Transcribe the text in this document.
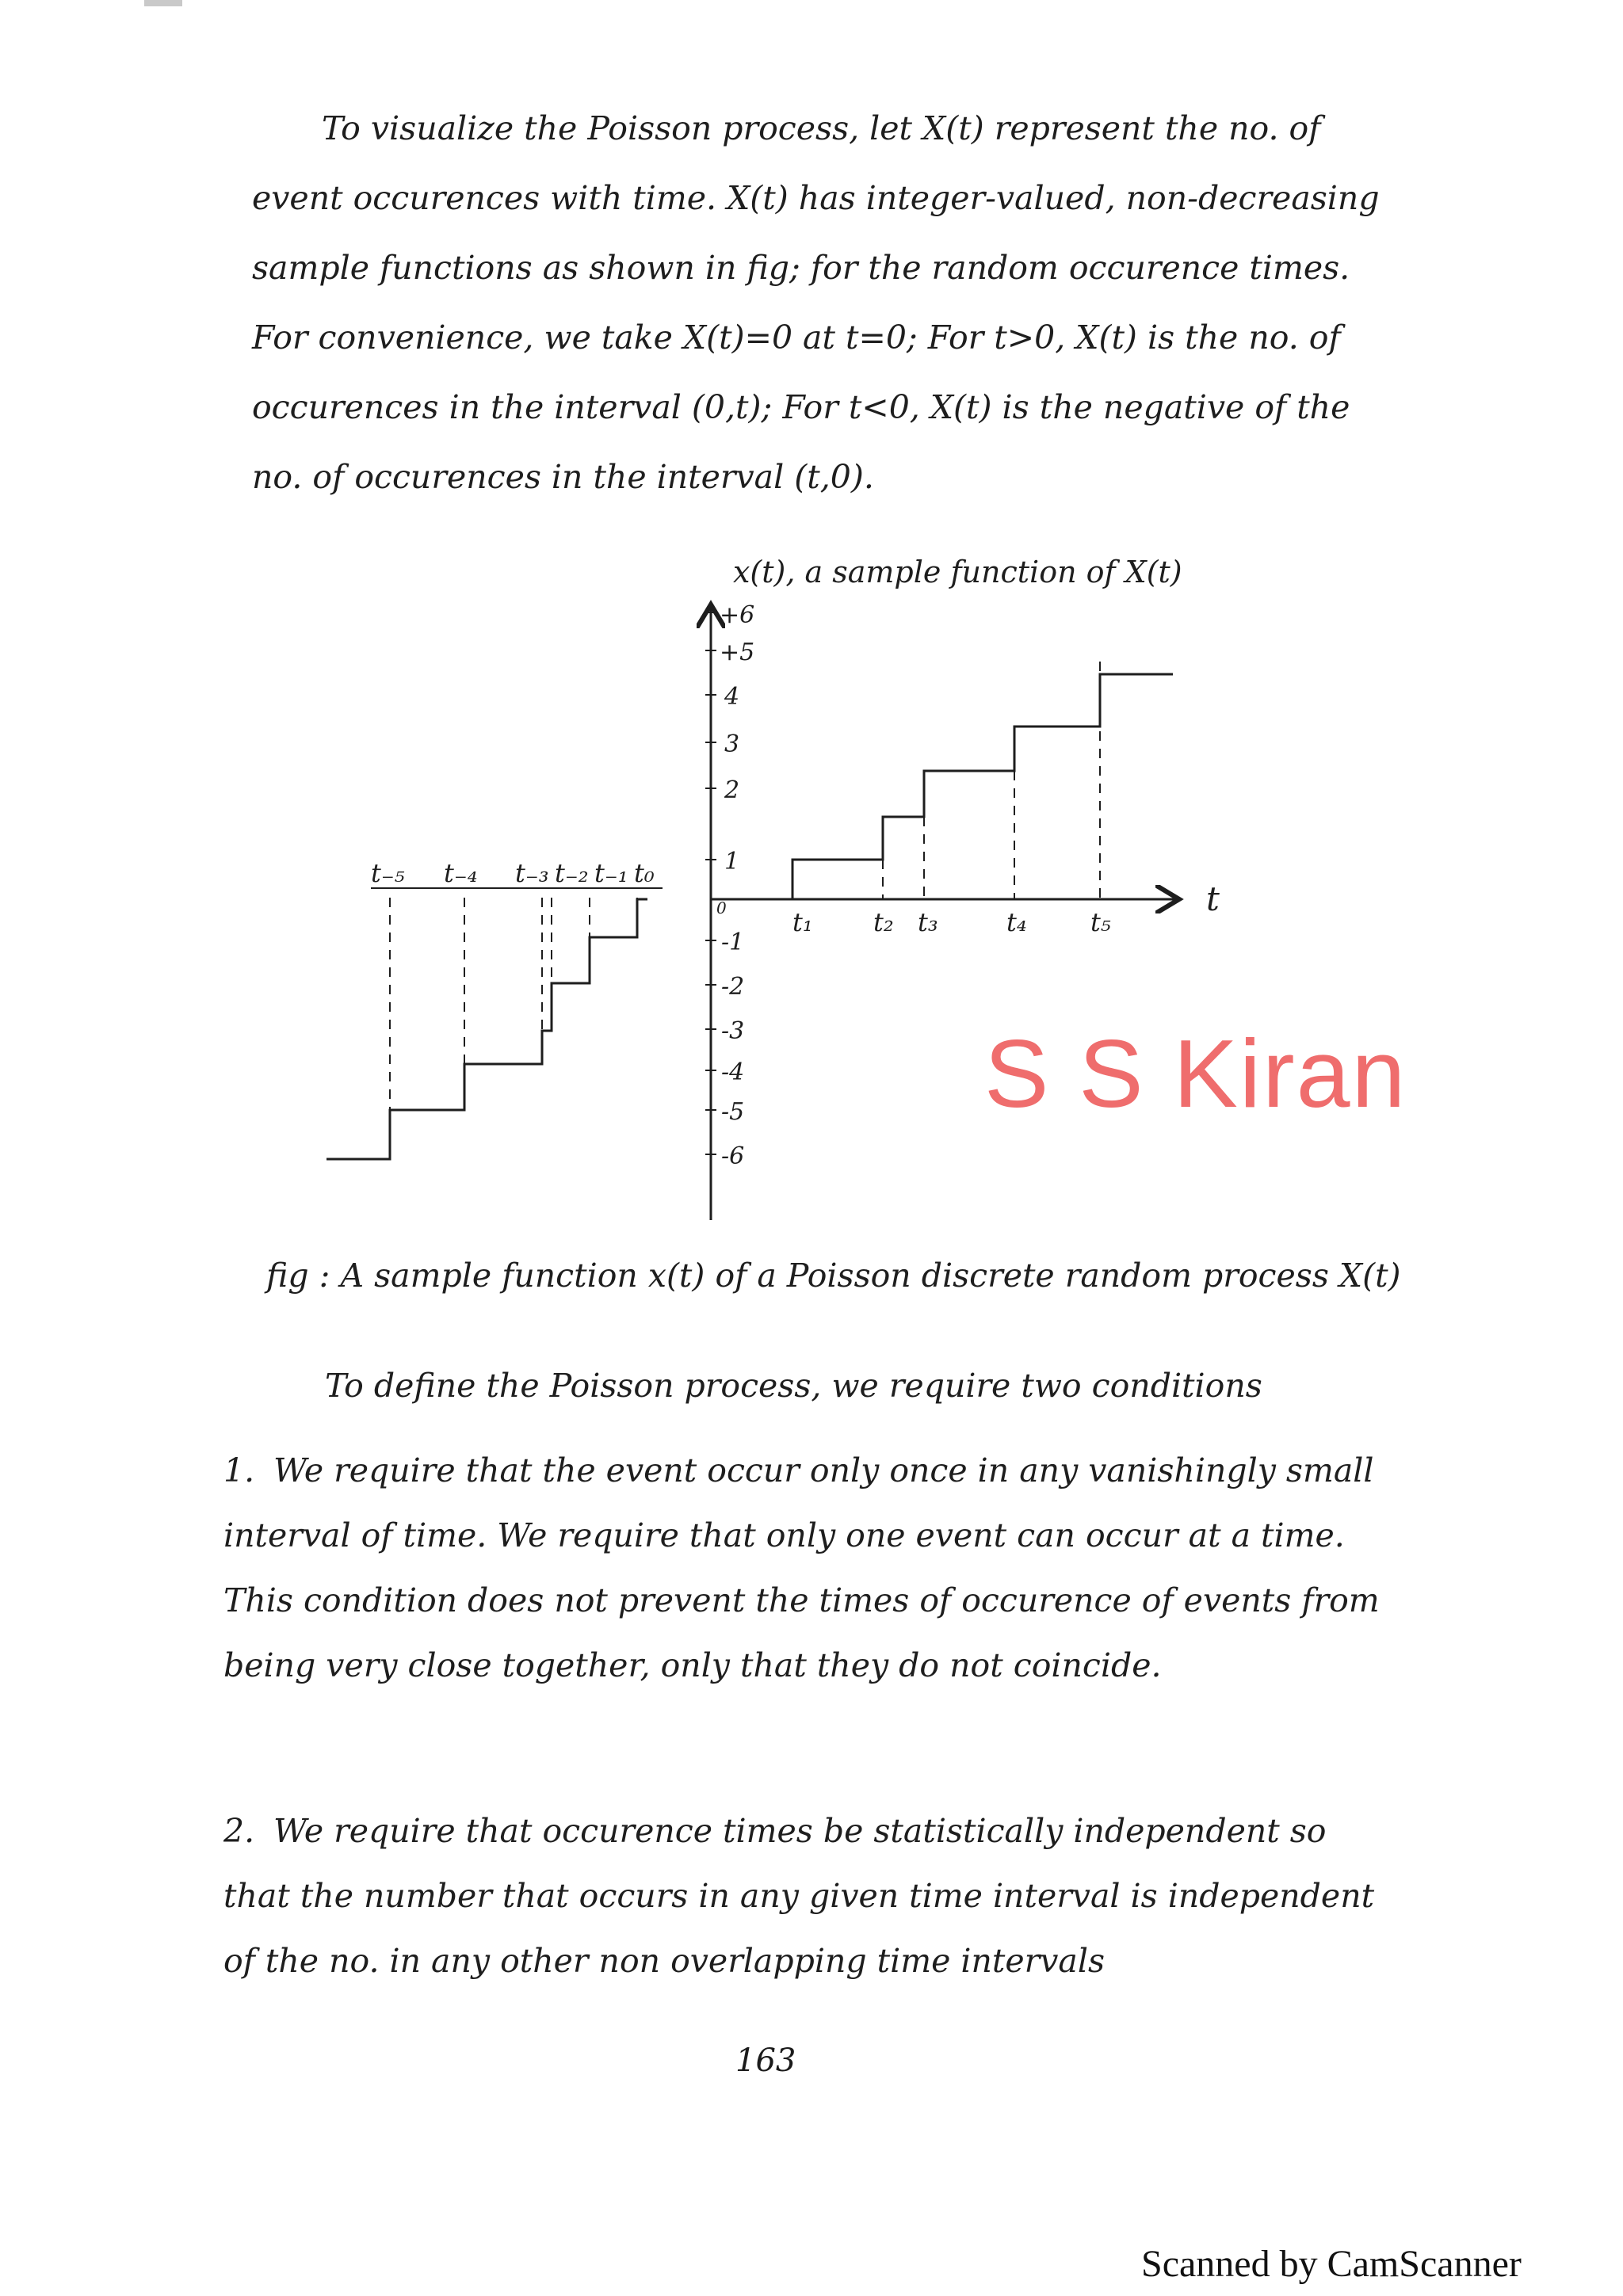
To visualize the Poisson process, let X(t) represent the no. of event occurences with time. X(t) has integer-valued, non-decreasing sample functions as shown in fig; for the random occurence times. For convenience, we take X(t)=0 at t=0; For t>0, X(t) is the no. of occurences in the interval (0,t); For t<0, X(t) is the negative of the no. of occurences in the interval (t,0).

x(t), a sample function of X(t)
t
0
+6
+5
4
3
2
1
-1
-2
-3
-4
-5
-6
t₁ t₂ t₃	t₄	t₅
t₋₅ t₋₄ t₋₃ t₋₂ t₋₁ t₀
S S Kiran
fig : A sample function x(t) of a Poisson discrete random process X(t)
To define the Poisson process, we require two conditions

1. We require that the event occur only once in any vanishingly small interval of time. We require that only one event can occur at a time. This condition does not prevent the times of occurence of events from being very close together, only that they do not coincide.

2. We require that occurence times be statistically independent so that the number that occurs in any given time interval is independent of the no. in any other non overlapping time intervals

163
Scanned by CamScanner
